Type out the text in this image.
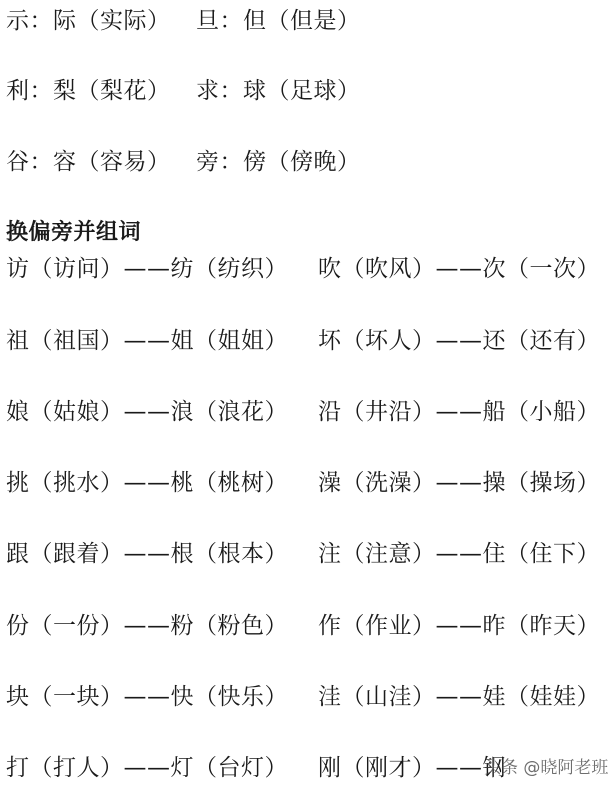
示：际（实际） 旦：但（但是）
利：梨（梨花） 求：球（足球）
谷：容（容易） 旁：傍（傍晚）
换偏旁并组词
访（访问）——纺（纺织） 吹（吹风）——次（一次）
祖（祖国）——姐（姐姐） 坏（坏人）——还（还有）
娘（姑娘）——浪（浪花） 沿（井沿）——船（小船）
挑（挑水）——桃（桃树） 澡（洗澡）——操（操场）
跟（跟着）——根（根本） 注（注意）——住（住下）
份（一份）——粉（粉色） 作（作业）——昨（昨天）
块（一块）——快（快乐） 洼（山洼）——娃（娃娃）
打（打人）——灯（台灯） 刚（刚才）——钢
头条 @晓阿老班
